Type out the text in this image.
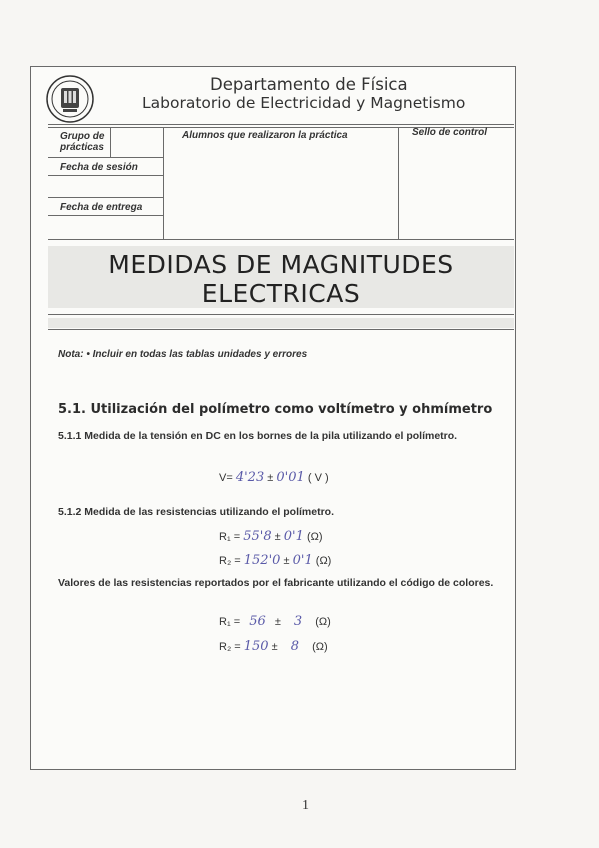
Departamento de Física
Laboratorio de Electricidad y Magnetismo
Grupo de prácticas
Alumnos que realizaron la práctica	Sello de control
Fecha de sesión
Fecha de entrega
MEDIDAS DE MAGNITUDES
ELECTRICAS
Nota: • Incluir en todas las tablas unidades y errores
5.1. Utilización del polímetro como voltímetro y ohmímetro
5.1.1 Medida de la tensión en DC en los bornes de la pila utilizando el polímetro.
V= 4'23 ± 0'01 ( V )
5.1.2 Medida de las resistencias utilizando el polímetro.
R₁ = 55'8 ± 0'1 (Ω)
R₂ = 152'0 ± 0'1 (Ω)
Valores de las resistencias reportados por el fabricante utilizando el código de colores.
R₁ = 56 ± 3 (Ω)
R₂ = 150 ± 8 (Ω)
1
